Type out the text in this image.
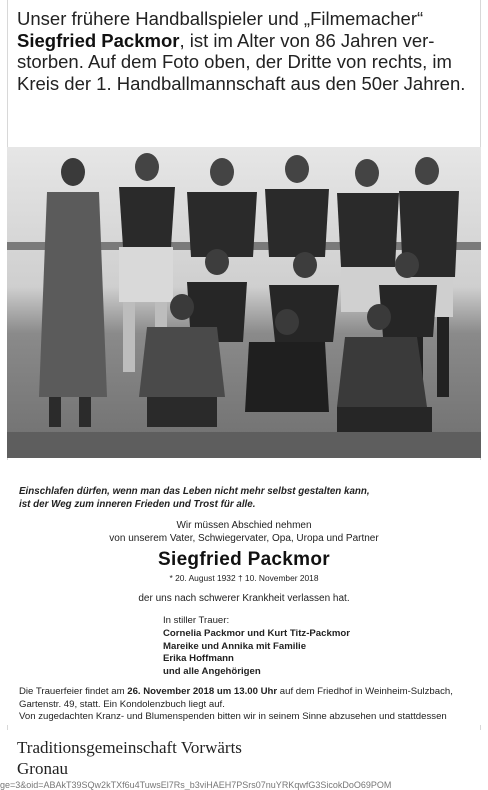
Unser frühere Handballspieler und „Filmemacher“
Siegfried Packmor, ist im Alter von 86 Jahren ver-storben. Auf dem Foto oben, der Dritte von rechts, im Kreis der 1. Handballmannschaft aus den 50er Jahren.
Einschlafen dürfen, wenn man das Leben nicht mehr selbst gestalten kann,
ist der Weg zum inneren Frieden und Trost für alle.
Wir müssen Abschied nehmen
von unserem Vater, Schwiegervater, Opa, Uropa und Partner
Siegfried Packmor
* 20. August 1932 † 10. November 2018
der uns nach schwerer Krankheit verlassen hat.
In stiller Trauer:
Cornelia Packmor und Kurt Titz-Packmor
Mareike und Annika mit Familie
Erika Hoffmann
und alle Angehörigen
Die Trauerfeier findet am 26. November 2018 um 13.00 Uhr auf dem Friedhof in Weinheim-Sulzbach,
Gartenstr. 49, statt. Ein Kondolenzbuch liegt auf.
Von zugedachten Kranz- und Blumenspenden bitten wir in seinem Sinne abzusehen und stattdessen
Traditionsgemeinschaft Vorwärts
Gronau
ge=3&oid=ABAkT39SQw2kTXf6u4TuwsEl7Rs_b3viHAEH7PSrs07nuYRKqwfG3SicokDoO69POM
